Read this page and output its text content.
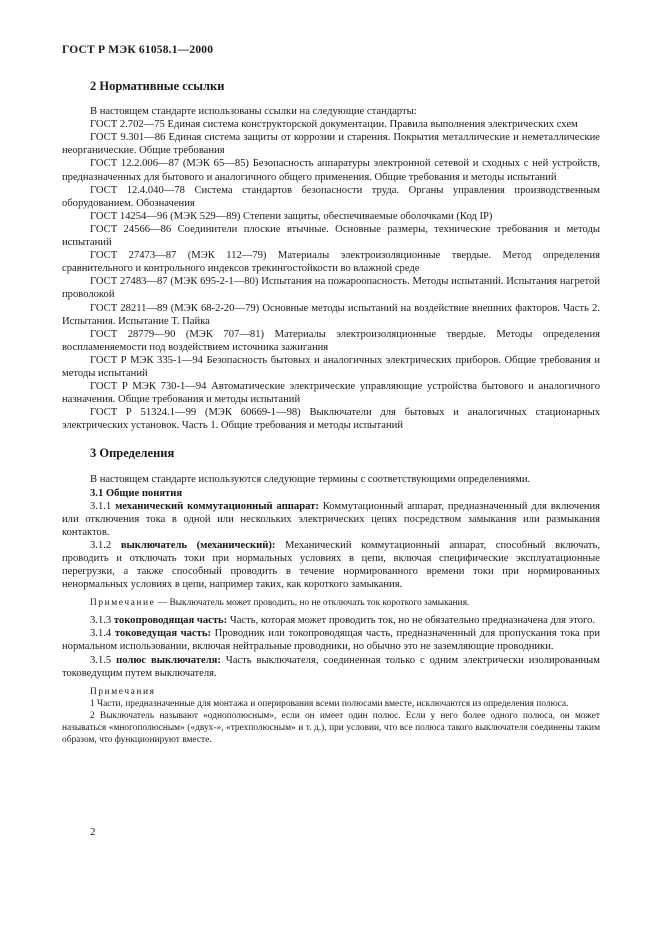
ГОСТ Р МЭК 61058.1—2000

2 Нормативные ссылки

В настоящем стандарте использованы ссылки на следующие стандарты:

ГОСТ 2.702—75 Единая система конструкторской документации. Правила выполнения электрических схем

ГОСТ 9.301—86 Единая система защиты от коррозии и старения. Покрытия металлические и неметаллические неорганические. Общие требования

ГОСТ 12.2.006—87 (МЭК 65—85) Безопасность аппаратуры электронной сетевой и сходных с ней устройств, предназначенных для бытового и аналогичного общего применения. Общие требования и методы испытаний

ГОСТ 12.4.040—78 Система стандартов безопасности труда. Органы управления производственным оборудованием. Обозначения

ГОСТ 14254—96 (МЭК 529—89) Степени защиты, обеспечиваемые оболочками (Код IP)

ГОСТ 24566—86 Соединители плоские втычные. Основные размеры, технические требования и методы испытаний

ГОСТ 27473—87 (МЭК 112—79) Материалы электроизоляционные твердые. Метод определения сравнительного и контрольного индексов трекингостойкости во влажной среде

ГОСТ 27483—87 (МЭК 695-2-1—80) Испытания на пожароопасность. Методы испытаний. Испытания нагретой проволокой

ГОСТ 28211—89 (МЭК 68-2-20—79) Основные методы испытаний на воздействие внешних факторов. Часть 2. Испытания. Испытание Т. Пайка

ГОСТ 28779—90 (МЭК 707—81) Материалы электроизоляционные твердые. Методы определения воспламеняемости под воздействием источника зажигания

ГОСТ Р МЭК 335-1—94 Безопасность бытовых и аналогичных электрических приборов. Общие требования и методы испытаний

ГОСТ Р МЭК 730-1—94 Автоматические электрические управляющие устройства бытового и аналогичного назначения. Общие требования и методы испытаний

ГОСТ Р 51324.1—99 (МЭК 60669-1—98) Выключатели для бытовых и аналогичных стационарных электрических установок. Часть 1. Общие требования и методы испытаний

3 Определения

В настоящем стандарте используются следующие термины с соответствующими определениями.

3.1 Общие понятия

3.1.1 механический коммутационный аппарат: Коммутационный аппарат, предназначенный для включения или отключения тока в одной или нескольких электрических цепях посредством замыкания или размыкания контактов.

3.1.2 выключатель (механический): Механический коммутационный аппарат, способный включать, проводить и отключать токи при нормальных условиях в цепи, включая специфические эксплуатационные перегрузки, а также способный проводить в течение нормированного времени токи при нормированных ненормальных условиях в цепи, например таких, как короткого замыкания.

Примечание — Выключатель может проводить, но не отключать ток короткого замыкания.

3.1.3 токопроводящая часть: Часть, которая может проводить ток, но не обязательно предназначена для этого.

3.1.4 токоведущая часть: Проводник или токопроводящая часть, предназначенный для пропускания тока при нормальном использовании, включая нейтральные проводники, но обычно это не заземляющие проводники.

3.1.5 полюс выключателя: Часть выключателя, соединенная только с одним электрически изолированным токоведущим путем выключателя.

Примечания

1 Части, предназначенные для монтажа и оперирования всеми полюсами вместе, исключаются из определения полюса.

2 Выключатель называют «однополюсным», если он имеет один полюс. Если у него более одного полюса, он может называться «многополюсным» («двух-», «трехполюсным» и т. д.), при условии, что все полюса такого выключателя соединены таким образом, что функционируют вместе.

2
